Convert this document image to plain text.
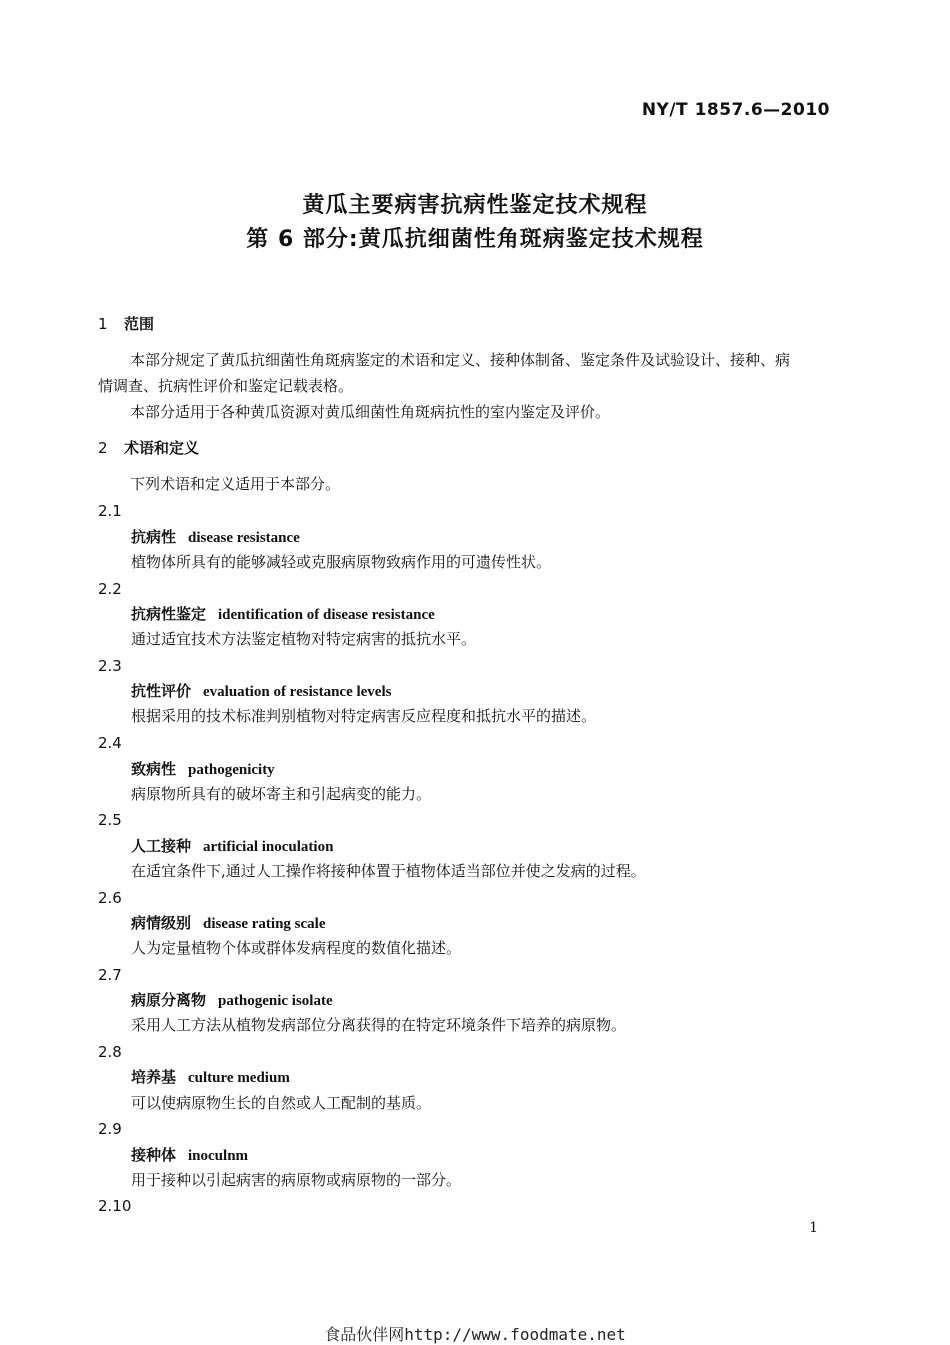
NY/T 1857.6—2010
黄瓜主要病害抗病性鉴定技术规程
第 6 部分:黄瓜抗细菌性角斑病鉴定技术规程
1 范围
本部分规定了黄瓜抗细菌性角斑病鉴定的术语和定义、接种体制备、鉴定条件及试验设计、接种、病
情调查、抗病性评价和鉴定记载表格。
本部分适用于各种黄瓜资源对黄瓜细菌性角斑病抗性的室内鉴定及评价。
2 术语和定义
下列术语和定义适用于本部分。
2.1
抗病性 disease resistance
植物体所具有的能够减轻或克服病原物致病作用的可遗传性状。
2.2
抗病性鉴定 identification of disease resistance
通过适宜技术方法鉴定植物对特定病害的抵抗水平。
2.3
抗性评价 evaluation of resistance levels
根据采用的技术标准判别植物对特定病害反应程度和抵抗水平的描述。
2.4
致病性 pathogenicity
病原物所具有的破坏寄主和引起病变的能力。
2.5
人工接种 artificial inoculation
在适宜条件下,通过人工操作将接种体置于植物体适当部位并使之发病的过程。
2.6
病情级别 disease rating scale
人为定量植物个体或群体发病程度的数值化描述。
2.7
病原分离物 pathogenic isolate
采用人工方法从植物发病部位分离获得的在特定环境条件下培养的病原物。
2.8
培养基 culture medium
可以使病原物生长的自然或人工配制的基质。
2.9
接种体 inoculnm
用于接种以引起病害的病原物或病原物的一部分。
2.10
1
食品伙伴网http://www.foodmate.net
